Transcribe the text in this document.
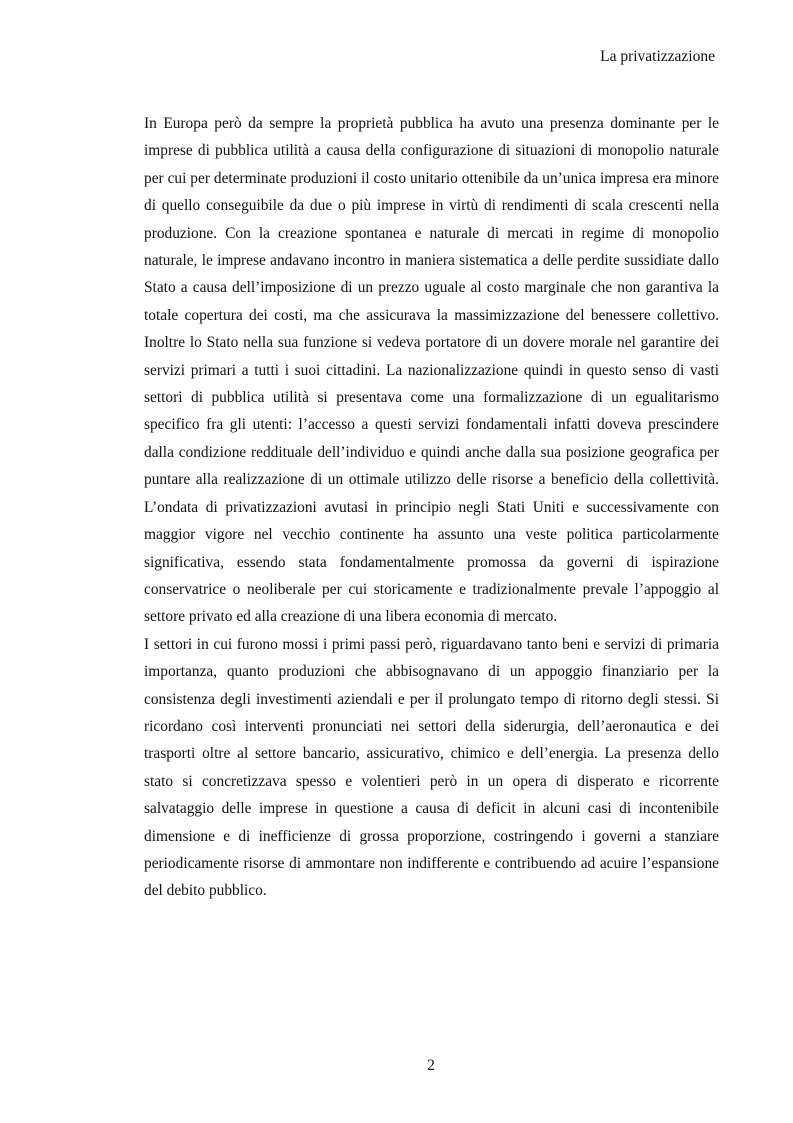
La privatizzazione

In Europa però da sempre la proprietà pubblica ha avuto una presenza dominante per le imprese di pubblica utilità a causa della configurazione di situazioni di monopolio naturale per cui per determinate produzioni il costo unitario ottenibile da un’unica impresa era minore di quello conseguibile da due o più imprese in virtù di rendimenti di scala crescenti nella produzione. Con la creazione spontanea e naturale di mercati in regime di monopolio naturale, le imprese andavano incontro in maniera sistematica a delle perdite sussidiate dallo Stato a causa dell’imposizione di un prezzo uguale al costo marginale che non garantiva la totale copertura dei costi, ma che assicurava la massimizzazione del benessere collettivo. Inoltre lo Stato nella sua funzione si vedeva portatore di un dovere morale nel garantire dei servizi primari a tutti i suoi cittadini. La nazionalizzazione quindi in questo senso di vasti settori di pubblica utilità si presentava come una formalizzazione di un egualitarismo specifico fra gli utenti: l’accesso a questi servizi fondamentali infatti doveva prescindere dalla condizione reddituale dell’individuo e quindi anche dalla sua posizione geografica per puntare alla realizzazione di un ottimale utilizzo delle risorse a beneficio della collettività. L’ondata di privatizzazioni avutasi in principio negli Stati Uniti e successivamente con maggior vigore nel vecchio continente ha assunto una veste politica particolarmente significativa, essendo stata fondamentalmente promossa da governi di ispirazione conservatrice o neoliberale per cui storicamente e tradizionalmente prevale l’appoggio al settore privato ed alla creazione di una libera economia di mercato.

I settori in cui furono mossi i primi passi però, riguardavano tanto beni e servizi di primaria importanza, quanto produzioni che abbisognavano di un appoggio finanziario per la consistenza degli investimenti aziendali e per il prolungato tempo di ritorno degli stessi. Si ricordano così interventi pronunciati nei settori della siderurgia, dell’aeronautica e dei trasporti oltre al settore bancario, assicurativo, chimico e dell’energia. La presenza dello stato si concretizzava spesso e volentieri però in un opera di disperato e ricorrente salvataggio delle imprese in questione a causa di deficit in alcuni casi di incontenibile dimensione e di inefficienze di grossa proporzione, costringendo i governi a stanziare periodicamente risorse di ammontare non indifferente e contribuendo ad acuire l’espansione del debito pubblico.

2
